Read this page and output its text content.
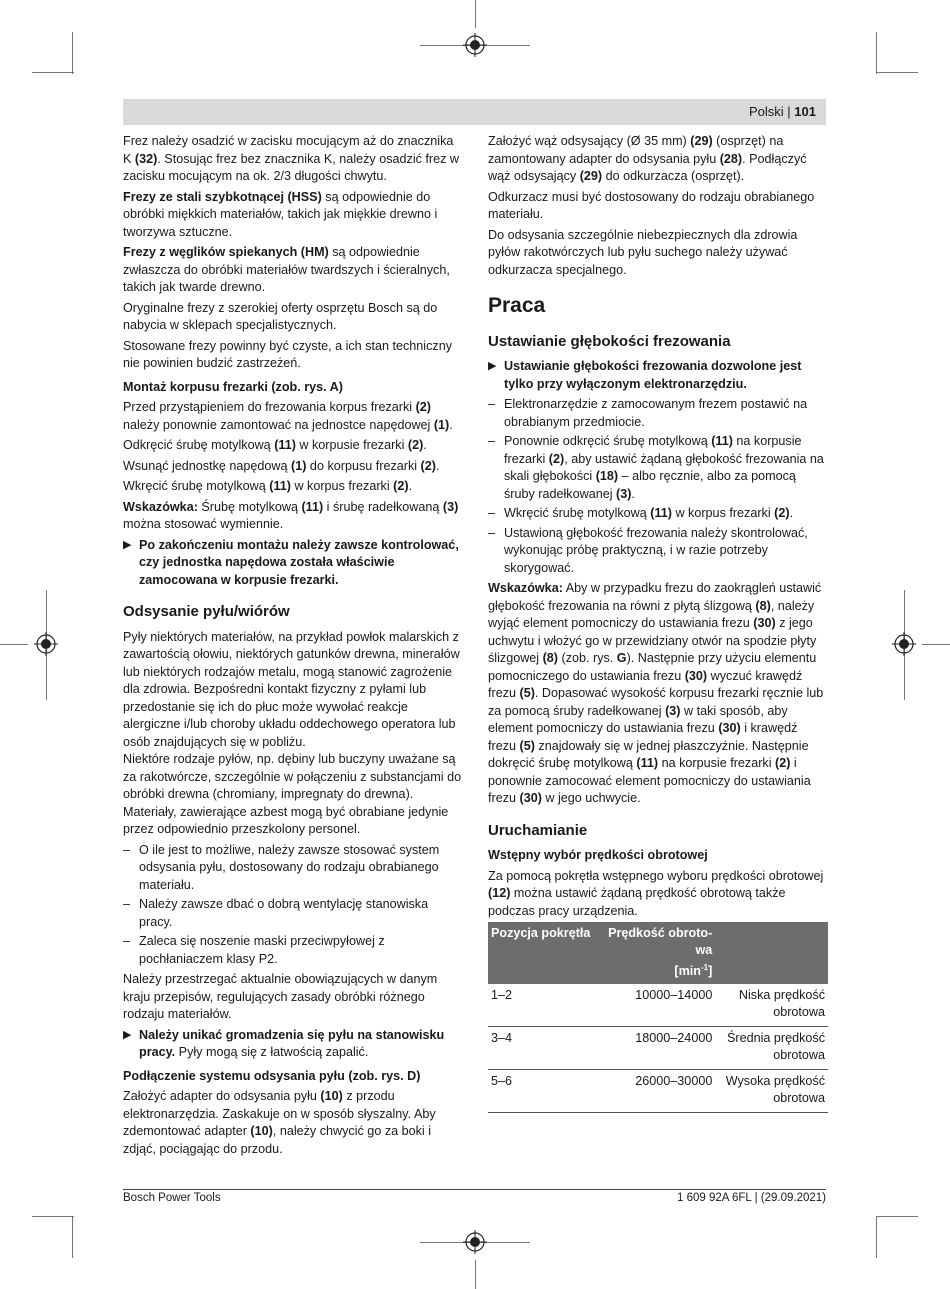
Polski | 101

Frez należy osadzić w zacisku mocującym aż do znacznika K (32). Stosując frez bez znacznika K, należy osadzić frez w zacisku mocującym na ok. 2/3 długości chwytu.

Frezy ze stali szybkotnącej (HSS) są odpowiednie do obróbki miękkich materiałów, takich jak miękkie drewno i tworzywa sztuczne.

Frezy z węglików spiekanych (HM) są odpowiednie zwłaszcza do obróbki materiałów twardszych i ścieralnych, takich jak twarde drewno.

Oryginalne frezy z szerokiej oferty osprzętu Bosch są do nabycia w sklepach specjalistycznych.

Stosowane frezy powinny być czyste, a ich stan techniczny nie powinien budzić zastrzeżeń.

Montaż korpusu frezarki (zob. rys. A)

Przed przystąpieniem do frezowania korpus frezarki (2) należy ponownie zamontować na jednostce napędowej (1).

Odkręcić śrubę motylkową (11) w korpusie frezarki (2).

Wsunąć jednostkę napędową (1) do korpusu frezarki (2).

Wkręcić śrubę motylkową (11) w korpus frezarki (2).

Wskazówka: Śrubę motylkową (11) i śrubę radełkowaną (3) można stosować wymiennie.

▶ Po zakończeniu montażu należy zawsze kontrolować, czy jednostka napędowa została właściwie zamocowana w korpusie frezarki.
Odsysanie pyłu/wiórów

Pyły niektórych materiałów, na przykład powłok malarskich z zawartością ołowiu, niektórych gatunków drewna, minerałów lub niektórych rodzajów metalu, mogą stanowić zagrożenie dla zdrowia. Bezpośredni kontakt fizyczny z pyłami lub przedostanie się ich do płuc może wywołać reakcje alergiczne i/lub choroby układu oddechowego operatora lub osób znajdujących się w pobliżu.

Niektóre rodzaje pyłów, np. dębiny lub buczyny uważane są za rakotwórcze, szczególnie w połączeniu z substancjami do obróbki drewna (chromiany, impregnaty do drewna). Materiały, zawierające azbest mogą być obrabiane jedynie przez odpowiednio przeszkolony personel.

– O ile jest to możliwe, należy zawsze stosować system odsysania pyłu, dostosowany do rodzaju obrabianego materiału.
– Należy zawsze dbać o dobrą wentylację stanowiska pracy.
– Zaleca się noszenie maski przeciwpyłowej z pochłaniaczem klasy P2.

Należy przestrzegać aktualnie obowiązujących w danym kraju przepisów, regulujących zasady obróbki różnego rodzaju materiałów.

▶ Należy unikać gromadzenia się pyłu na stanowisku pracy. Pyły mogą się z łatwością zapalić.
Podłączenie systemu odsysania pyłu (zob. rys. D)

Założyć adapter do odsysania pyłu (10) z przodu elektronarzędzia. Zaskakuje on w sposób słyszalny. Aby zdemontować adapter (10), należy chwycić go za boki i zdjąć, pociągając do przodu.

Założyć wąż odsysający (Ø 35 mm) (29) (osprzęt) na zamontowany adapter do odsysania pyłu (28). Podłączyć wąż odsysający (29) do odkurzacza (osprzęt).

Odkurzacz musi być dostosowany do rodzaju obrabianego materiału.

Do odsysania szczególnie niebezpiecznych dla zdrowia pyłów rakotwórczych lub pyłu suchego należy używać odkurzacza specjalnego.

Praca
Ustawianie głębokości frezowania
▶ Ustawianie głębokości frezowania dozwolone jest tylko przy wyłączonym elektronarzędziu.
– Elektronarzędzie z zamocowanym frezem postawić na obrabianym przedmiocie.
– Ponownie odkręcić śrubę motylkową (11) na korpusie frezarki (2), aby ustawić żądaną głębokość frezowania na skali głębokości (18) – albo ręcznie, albo za pomocą śruby radełkowanej (3).
– Wkręcić śrubę motylkową (11) w korpus frezarki (2).
– Ustawioną głębokość frezowania należy skontrolować, wykonując próbę praktyczną, i w razie potrzeby skorygować.

Wskazówka: Aby w przypadku frezu do zaokrągleń ustawić głębokość frezowania na równi z płytą ślizgową (8), należy wyjąć element pomocniczy do ustawiania frezu (30) z jego uchwytu i włożyć go w przewidziany otwór na spodzie płyty ślizgowej (8) (zob. rys. G). Następnie przy użyciu elementu pomocniczego do ustawiania frezu (30) wyczuć krawędź frezu (5). Dopasować wysokość korpusu frezarki ręcznie lub za pomocą śruby radełkowanej (3) w taki sposób, aby element pomocniczy do ustawiania frezu (30) i krawędź frezu (5) znajdowały się w jednej płaszczyźnie. Następnie dokręcić śrubę motylkową (11) na korpusie frezarki (2) i ponownie zamocować element pomocniczy do ustawiania frezu (30) w jego uchwycie.

Uruchamianie
Wstępny wybór prędkości obrotowej

Za pomocą pokrętła wstępnego wyboru prędkości obrotowej (12) można ustawić żądaną prędkość obrotową także podczas pracy urządzenia.

Pozycja pokrętła	Prędkość obroto-
wa
$[\min^{-1}]$	
1–2	10000–14000	Niska prędkość obrotowa
3–4	18000–24000	Średnia prędkość obrotowa
5–6	26000–30000	Wysoka prędkość obrotowa
Bosch Power Tools	1 609 92A 6FL | (29.09.2021)
